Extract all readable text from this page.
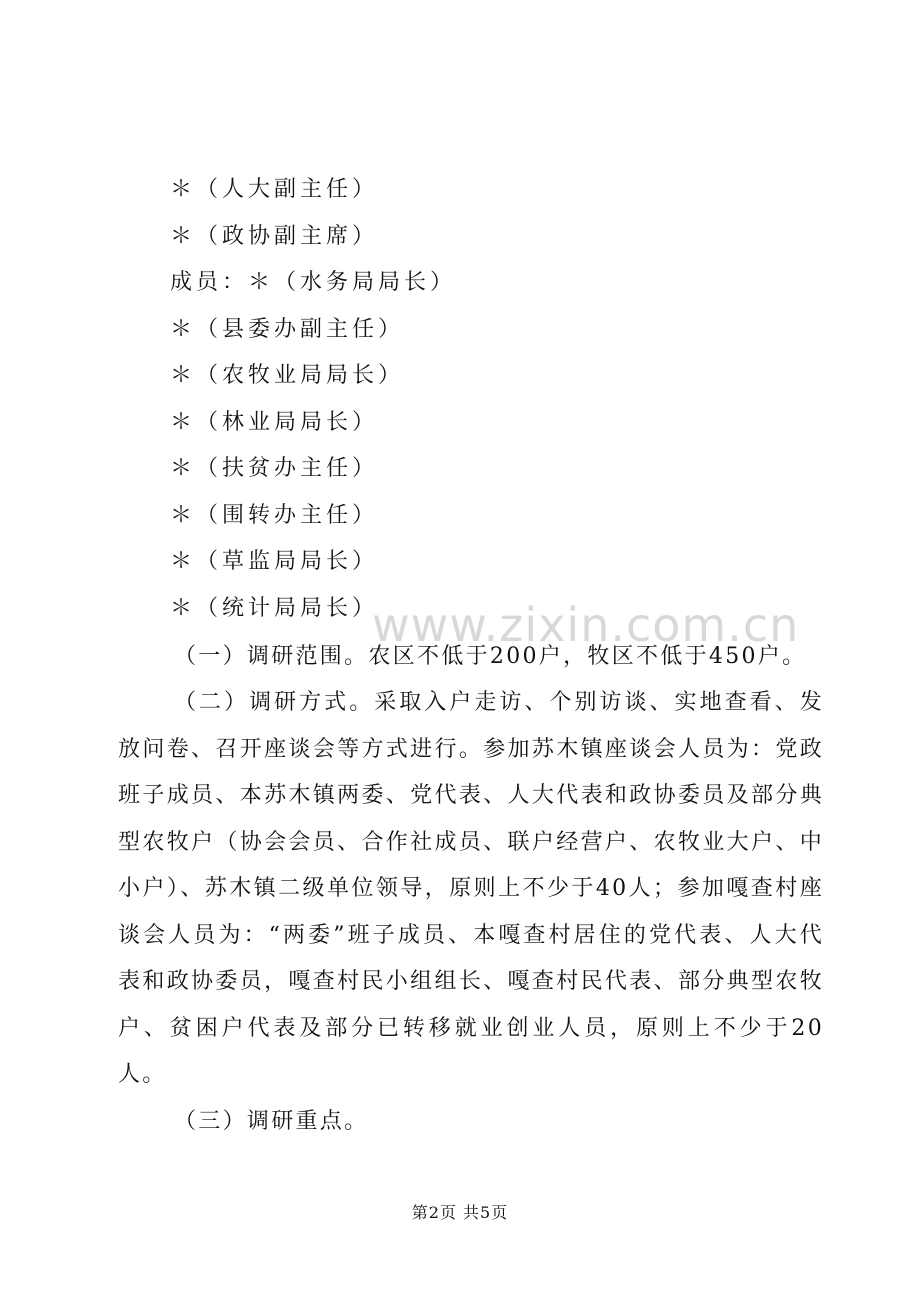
www.zixin.com.cn
＊（人大副主任）
＊（政协副主席）
成员：＊（水务局局长）
＊（县委办副主任）
＊（农牧业局局长）
＊（林业局局长）
＊（扶贫办主任）
＊（围转办主任）
＊（草监局局长）
＊（统计局局长）
（一）调研范围。农区不低于200户，牧区不低于450户。
（二）调研方式。采取入户走访、个别访谈、实地查看、发放问卷、召开座谈会等方式进行。参加苏木镇座谈会人员为：党政班子成员、本苏木镇两委、党代表、人大代表和政协委员及部分典型农牧户（协会会员、合作社成员、联户经营户、农牧业大户、中小户）、苏木镇二级单位领导，原则上不少于40人；参加嘎查村座谈会人员为：“两委”班子成员、本嘎查村居住的党代表、人大代表和政协委员，嘎查村民小组组长、嘎查村民代表、部分典型农牧户、贫困户代表及部分已转移就业创业人员，原则上不少于20人。
（三）调研重点。
第2页 共5页
